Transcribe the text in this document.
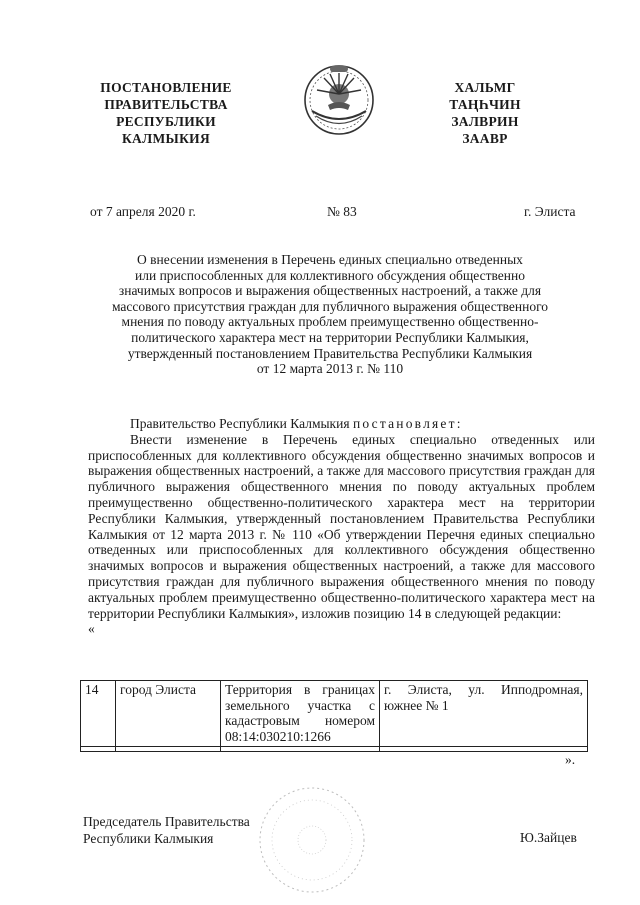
ПОСТАНОВЛЕНИЕ
ПРАВИТЕЛЬСТВА
РЕСПУБЛИКИ
КАЛМЫКИЯ
ХАЛЬМГ
ТАҢҺЧИН
ЗАЛВРИН
ЗААВР
от 7 апреля 2020 г.	№ 83	г. Элиста
О внесении изменения в Перечень единых специально отведенных
или приспособленных для коллективного обсуждения общественно
значимых вопросов и выражения общественных настроений, а также для
массового присутствия граждан для публичного выражения общественного
мнения по поводу актуальных проблем преимущественно общественно-
политического характера мест на территории Республики Калмыкия,
утвержденный постановлением Правительства Республики Калмыкия
от 12 марта 2013 г. № 110

Правительство Республики Калмыкия постановляет:

Внести изменение в Перечень единых специально отведенных или приспособленных для коллективного обсуждения общественно значимых вопросов и выражения общественных настроений, а также для массового присутствия граждан для публичного выражения общественного мнения по поводу актуальных проблем преимущественно общественно-политического характера мест на территории Республики Калмыкия, утвержденный постановлением Правительства Республики Калмыкия от 12 марта 2013 г. № 110 «Об утверждении Перечня единых специально отведенных или приспособленных для коллективного обсуждения общественно значимых вопросов и выражения общественных настроений, а также для массового присутствия граждан для публичного выражения общественного мнения по поводу актуальных проблем преимущественно общественно-политического характера мест на территории Республики Калмыкия», изложив позицию 14 в следующей редакции:

«

14	город Элиста	Территория в границах земельного участка с кадастровым номером 08:14:030210:1266	г. Элиста, ул. Ипподромная, южнее № 1

».
Председатель Правительства
Республики Калмыкия	Ю.Зайцев
